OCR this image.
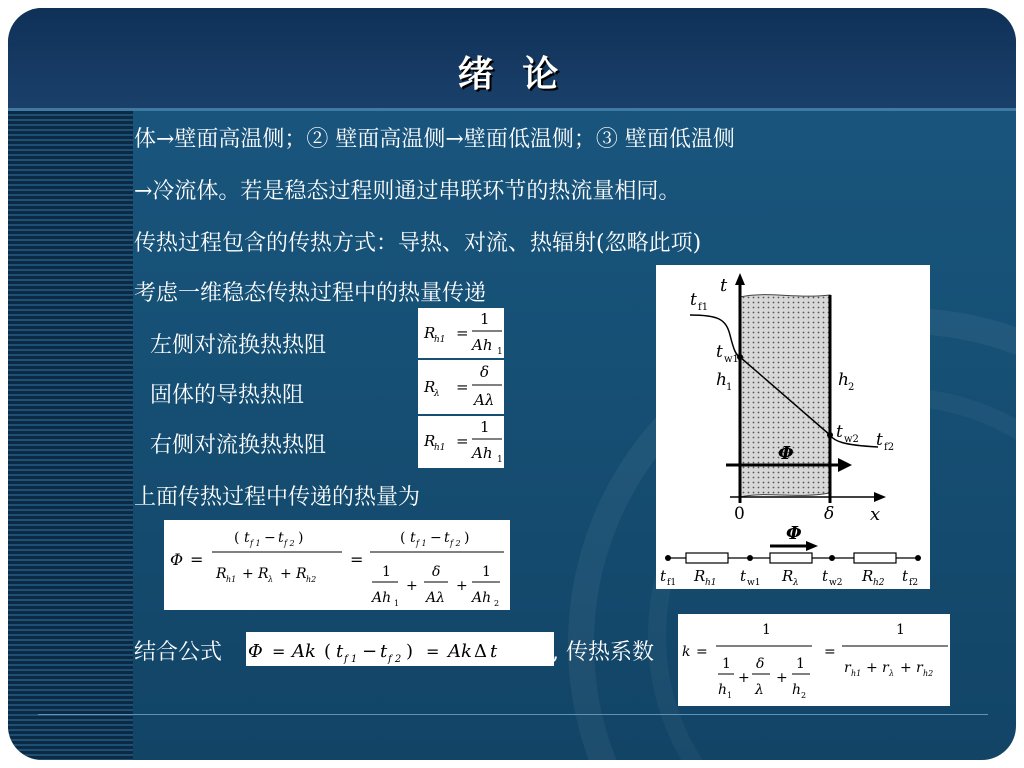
绪 论
体→壁面高温侧；② 壁面高温侧→壁面低温侧；③ 壁面低温侧
→冷流体。若是稳态过程则通过串联环节的热流量相同。
传热过程包含的传热方式：导热、对流、热辐射(忽略此项)
考虑一维稳态传热过程中的热量传递
左侧对流换热热阻
固体的导热热阻
右侧对流换热热阻
上面传热过程中传递的热量为
R
h1 =
1
Ah 1
R
λ =
δ
Aλ
R
h1 =
1
Ah 1
Φ =
( t f 1 − t f 2 )
R h1 + R λ + R h2
=
( t f 1 − t f 2 )
1
Ah 1
+
δ
Aλ
+
1
Ah 2
结合公式 Φ = Ak ( t f 1 − t f 2 ) = Ak Δ t , 传热系数 k =
1
1
h 1
+
δ
λ
+
1
h 2
=
1
r h1 + r λ + r h2
t
x
0	δ
t f1
t w1
h 1	h 2
t w2 t f2
Φ
Φ
t f1 R h1 t w1 R λ t w2 R h2 t f2
